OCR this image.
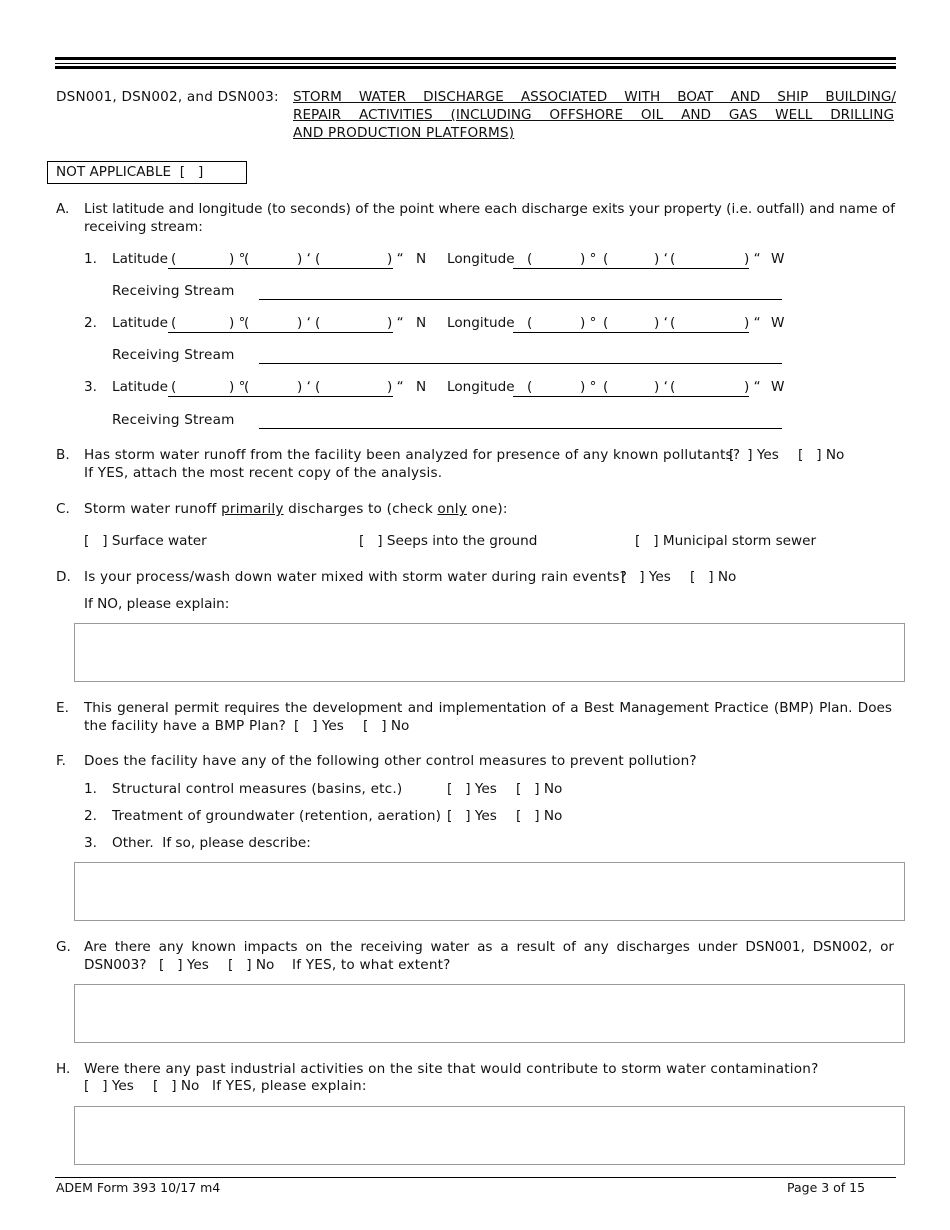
DSN001, DSN002, and DSN003: STORM WATER DISCHARGE ASSOCIATED WITH BOAT AND SHIP BUILDING/
REPAIR ACTIVITIES (INCLUDING OFFSHORE OIL AND GAS WELL DRILLING
AND PRODUCTION PLATFORMS)
NOT APPLICABLE  [   ]
A. List latitude and longitude (to seconds) of the point where each discharge exits your property (i.e. outfall) and name of
receiving stream:
1. Latitude (	) °
(	) ‘ (	) “ N Longitude (	) ° (	) ‘ (	) “ W
Receiving Stream
2. Latitude (	) °
(	) ‘ (	) “ N Longitude (	) ° (	) ‘ (	) “ W
Receiving Stream
3. Latitude (	) °
(	) ‘ (	) “ N Longitude (	) ° (	) ‘ (	) “ W
Receiving Stream
B. Has storm water runoff from the facility been analyzed for presence of any known pollutants?
[   ] Yes [   ] No
If YES, attach the most recent copy of the analysis.
C. Storm water runoff primarily discharges to (check only one):
[   ] Surface water	[   ] Seeps into the ground	[   ] Municipal storm sewer
D. Is your process/wash down water mixed with storm water during rain events?
[   ] Yes [   ] No
If NO, please explain:
E. This general permit requires the development and implementation of a Best Management Practice (BMP) Plan. Does
the facility have a BMP Plan? [   ] Yes [   ] No
F. Does the facility have any of the following other control measures to prevent pollution?
1. Structural control measures (basins, etc.)	[   ] Yes [   ] No
2. Treatment of groundwater (retention, aeration) [   ] Yes [   ] No
3. Other.  If so, please describe:
G. Are there any known impacts on the receiving water as a result of any discharges under DSN001, DSN002, or
DSN003? [   ] Yes [   ] No If YES, to what extent?
H. Were there any past industrial activities on the site that would contribute to storm water contamination?
[   ] Yes [   ] No If YES, please explain:
ADEM Form 393 10/17 m4	Page 3 of 15
